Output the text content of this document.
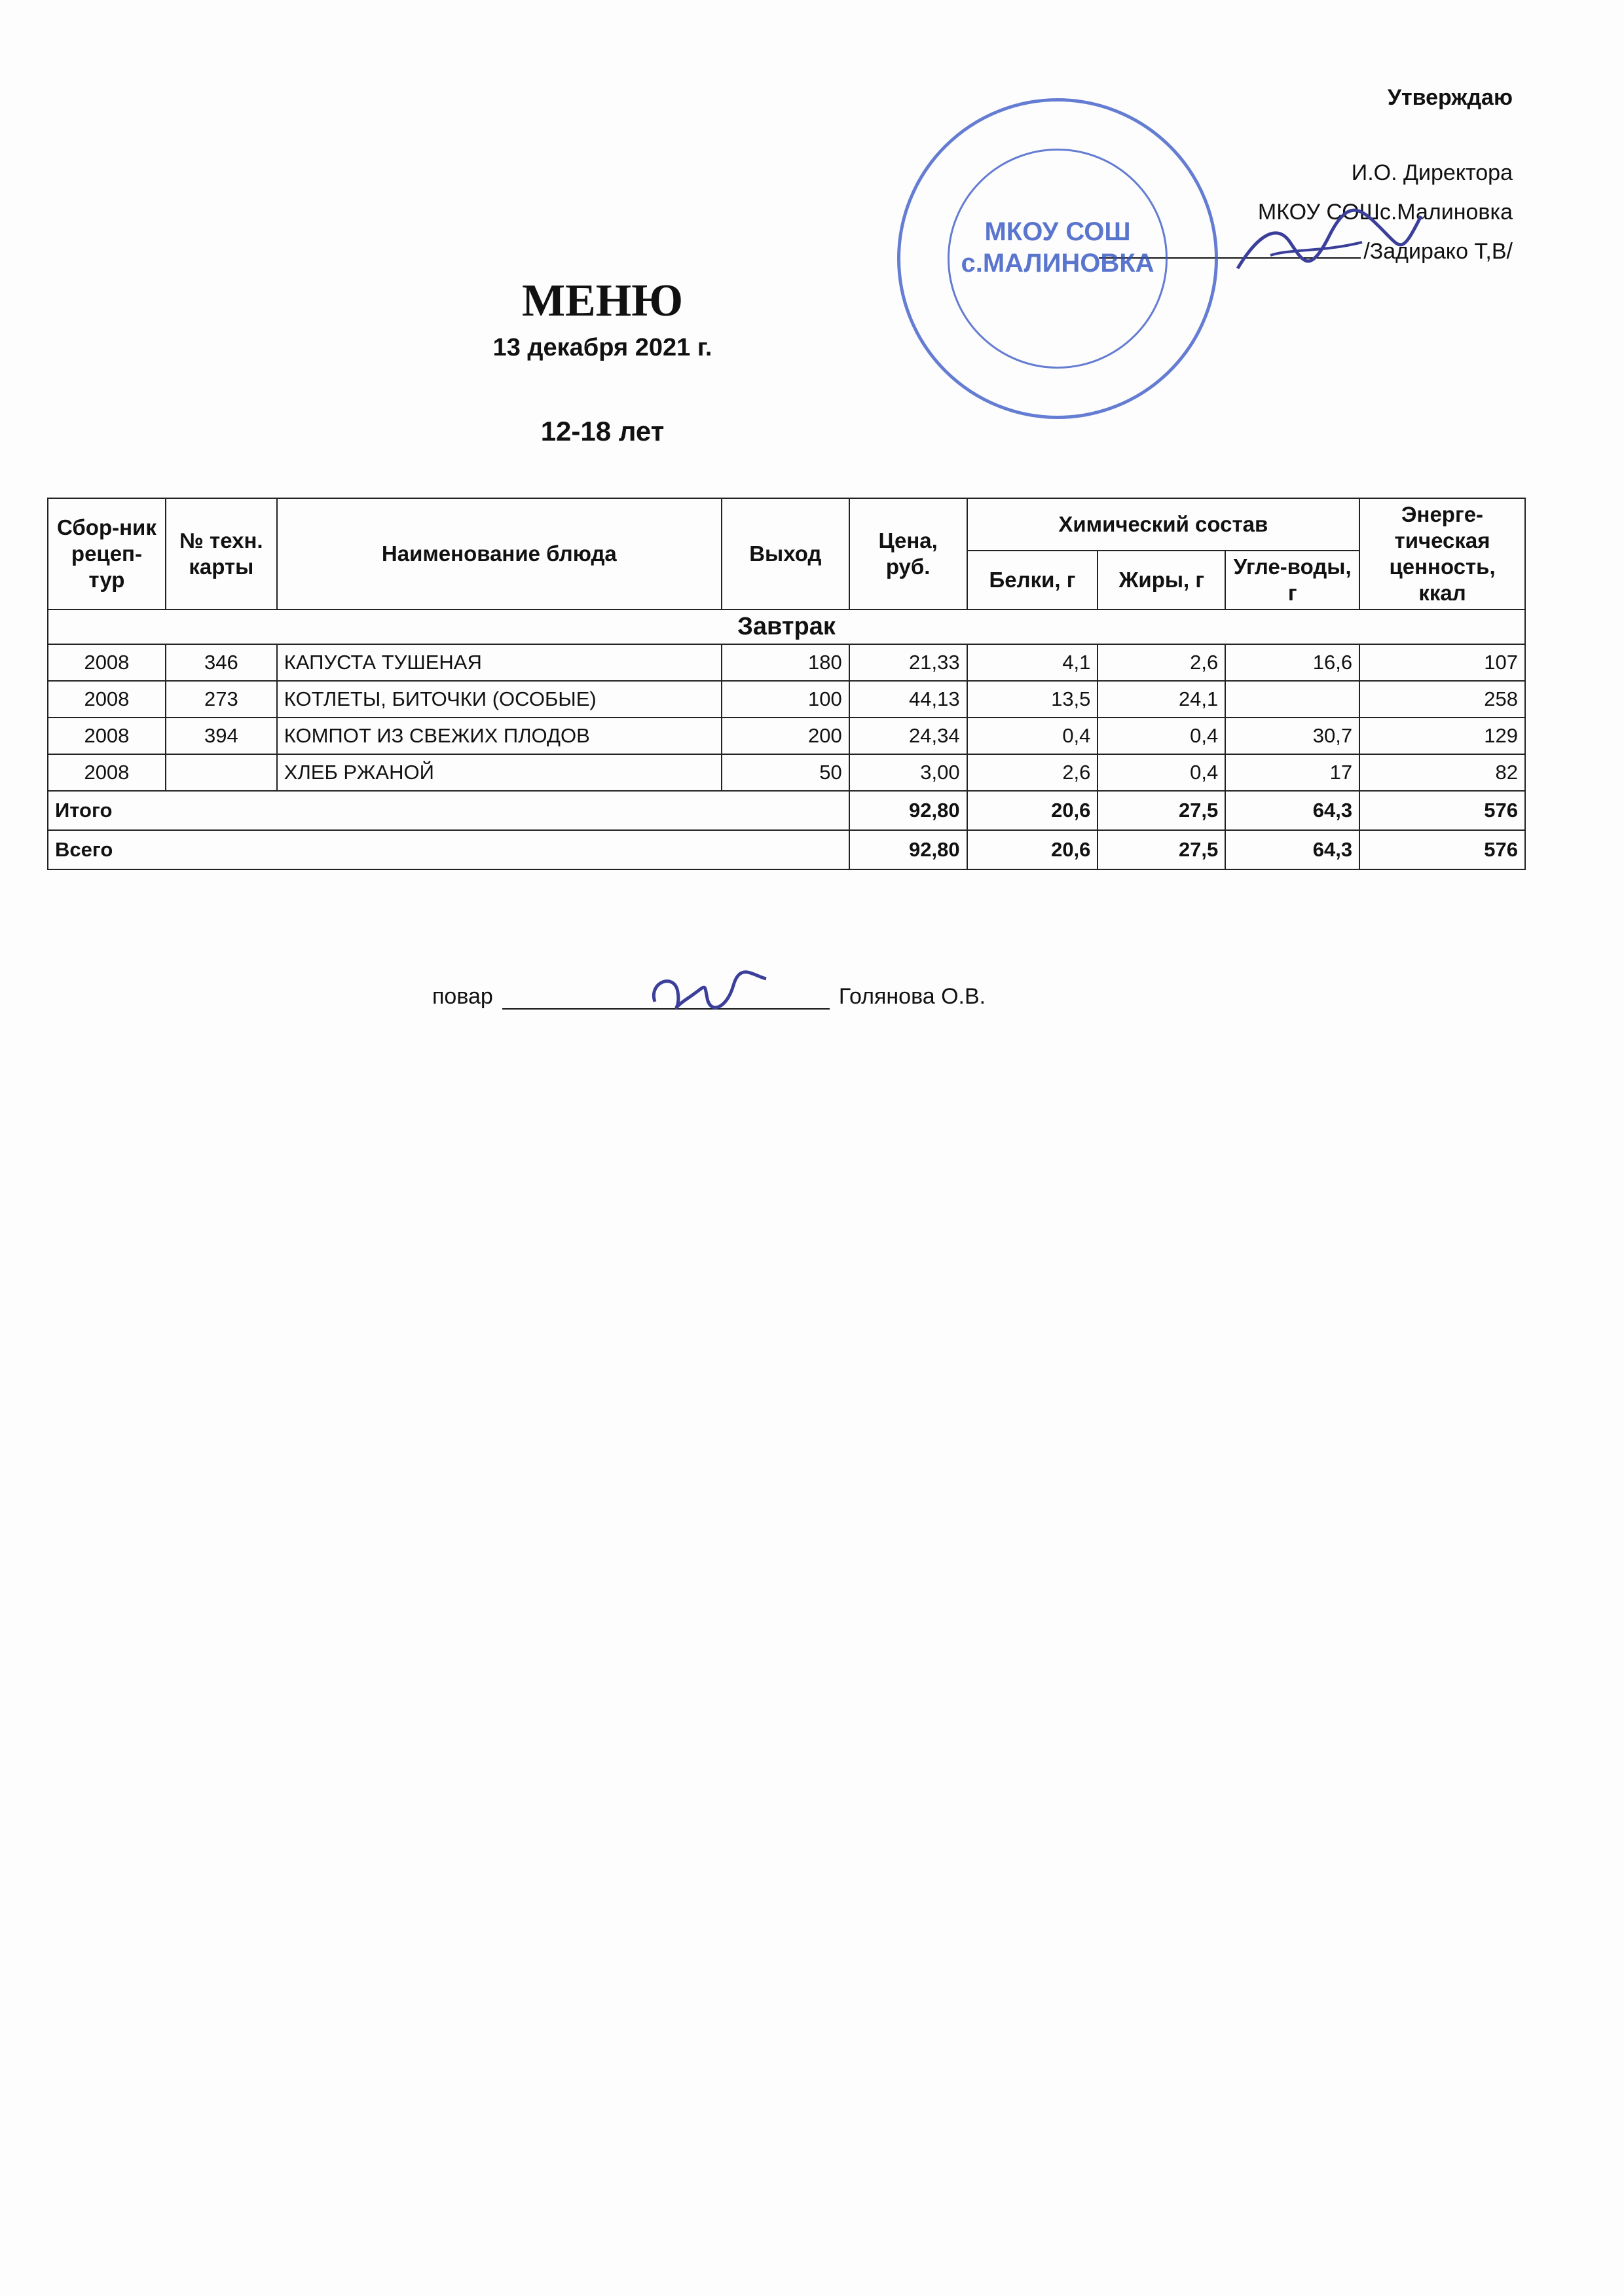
Утверждаю
И.О. Директора
МКОУ СОШс.Малиновка
/Задирако Т,В/
МКОУ СОШ
с.МАЛИНОВКА
МЕНЮ
13 декабря 2021 г.
12-18 лет
Сбор-ник рецеп-тур	№ техн. карты	Наименование блюда	Выход	Цена, руб.	Химический состав			Энерге-тическая ценность, ккал
					Белки, г	Жиры, г	Угле-воды, г	
Завтрак								
2008	346	КАПУСТА ТУШЕНАЯ	180	21,33	4,1	2,6	16,6	107
2008	273	КОТЛЕТЫ, БИТОЧКИ (ОСОБЫЕ)	100	44,13	13,5	24,1		258
2008	394	КОМПОТ ИЗ СВЕЖИХ ПЛОДОВ	200	24,34	0,4	0,4	30,7	129
2008		ХЛЕБ РЖАНОЙ	50	3,00	2,6	0,4	17	82
Итого				92,80	20,6	27,5	64,3	576
Всего				92,80	20,6	27,5	64,3	576
повар	Голянова О.В.
